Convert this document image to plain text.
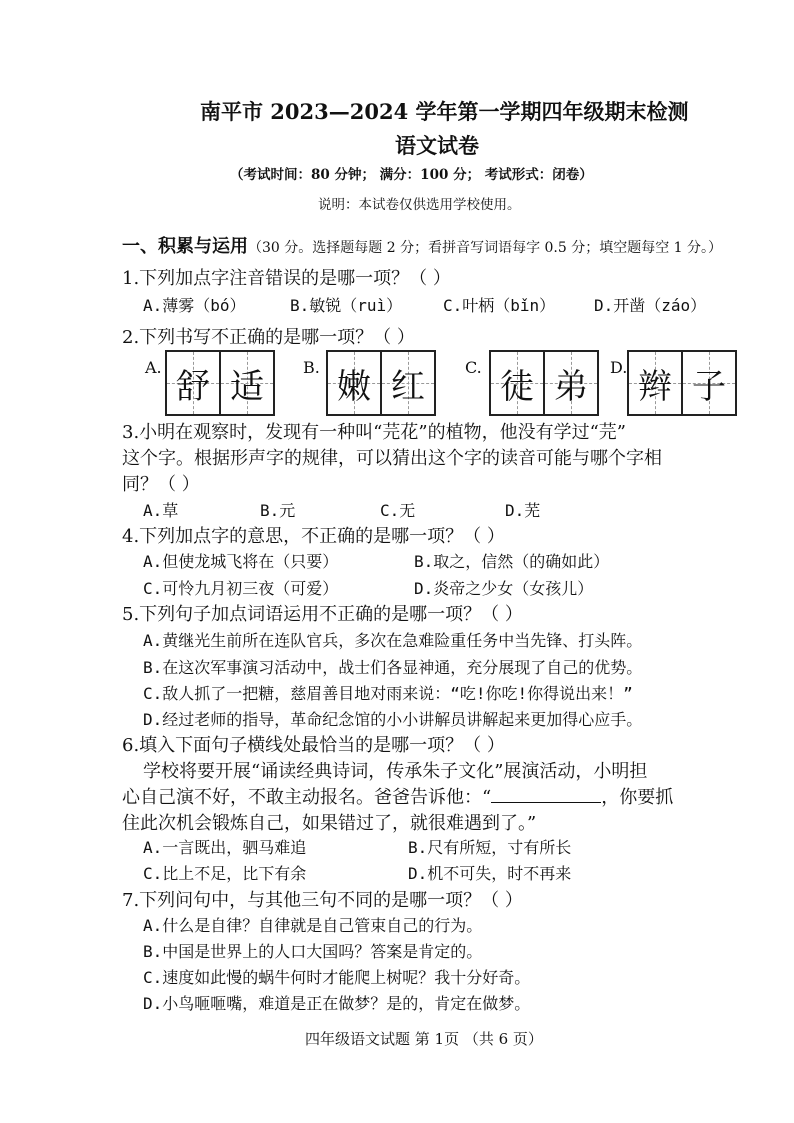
南平市 2023—2024 学年第一学期四年级期末检测
语文试卷
（考试时间：80 分钟； 满分：100 分； 考试形式：闭卷）
说明：本试卷仅供选用学校使用。
一、积累与运用（30 分。选择题每题 2 分；看拼音写词语每字 0.5 分；填空题每空 1 分。）
1.下列加点字注音错误的是哪一项？（ ）
A.薄雾（bó）	B.敏锐（ruì）	C.叶柄（bǐn） D.开凿（záo）
2.下列书写不正确的是哪一项？（ ）
A. 舒 适 B. 嫩 红	C. 徒 弟 D. 辫 子
3.小明在观察时，发现有一种叫“芫花”的植物，他没有学过“芫”
这个字。根据形声字的规律，可以猜出这个字的读音可能与哪个字相
同？（ ）
A.草	B.元	C.无	D.芜
4.下列加点字的意思，不正确的是哪一项？（ ）
A.但使龙城飞将在（只要）	B.取之，信然（的确如此）
C.可怜九月初三夜（可爱）	D.炎帝之少女（女孩儿）
5.下列句子加点词语运用不正确的是哪一项？（ ）
A.黄继光生前所在连队官兵，多次在急难险重任务中当先锋、打头阵。
B.在这次军事演习活动中，战士们各显神通，充分展现了自己的优势。
C.敌人抓了一把糖，慈眉善目地对雨来说：“吃!你吃!你得说出来！”
D.经过老师的指导，革命纪念馆的小小讲解员讲解起来更加得心应手。
6.填入下面句子横线处最恰当的是哪一项？（ ）
学校将要开展“诵读经典诗词，传承朱子文化”展演活动，小明担
心自己演不好，不敢主动报名。爸爸告诉他：“	，你要抓
住此次机会锻炼自己，如果错过了，就很难遇到了。”
A.一言既出，驷马难追	B.尺有所短，寸有所长
C.比上不足，比下有余	D.机不可失，时不再来
7.下列问句中，与其他三句不同的是哪一项？（ ）
A.什么是自律？自律就是自己管束自己的行为。
B.中国是世界上的人口大国吗？答案是肯定的。
C.速度如此慢的蜗牛何时才能爬上树呢？我十分好奇。
D.小鸟咂咂嘴，难道是正在做梦？是的，肯定在做梦。
四年级语文试题 第 1页 （共 6 页）
